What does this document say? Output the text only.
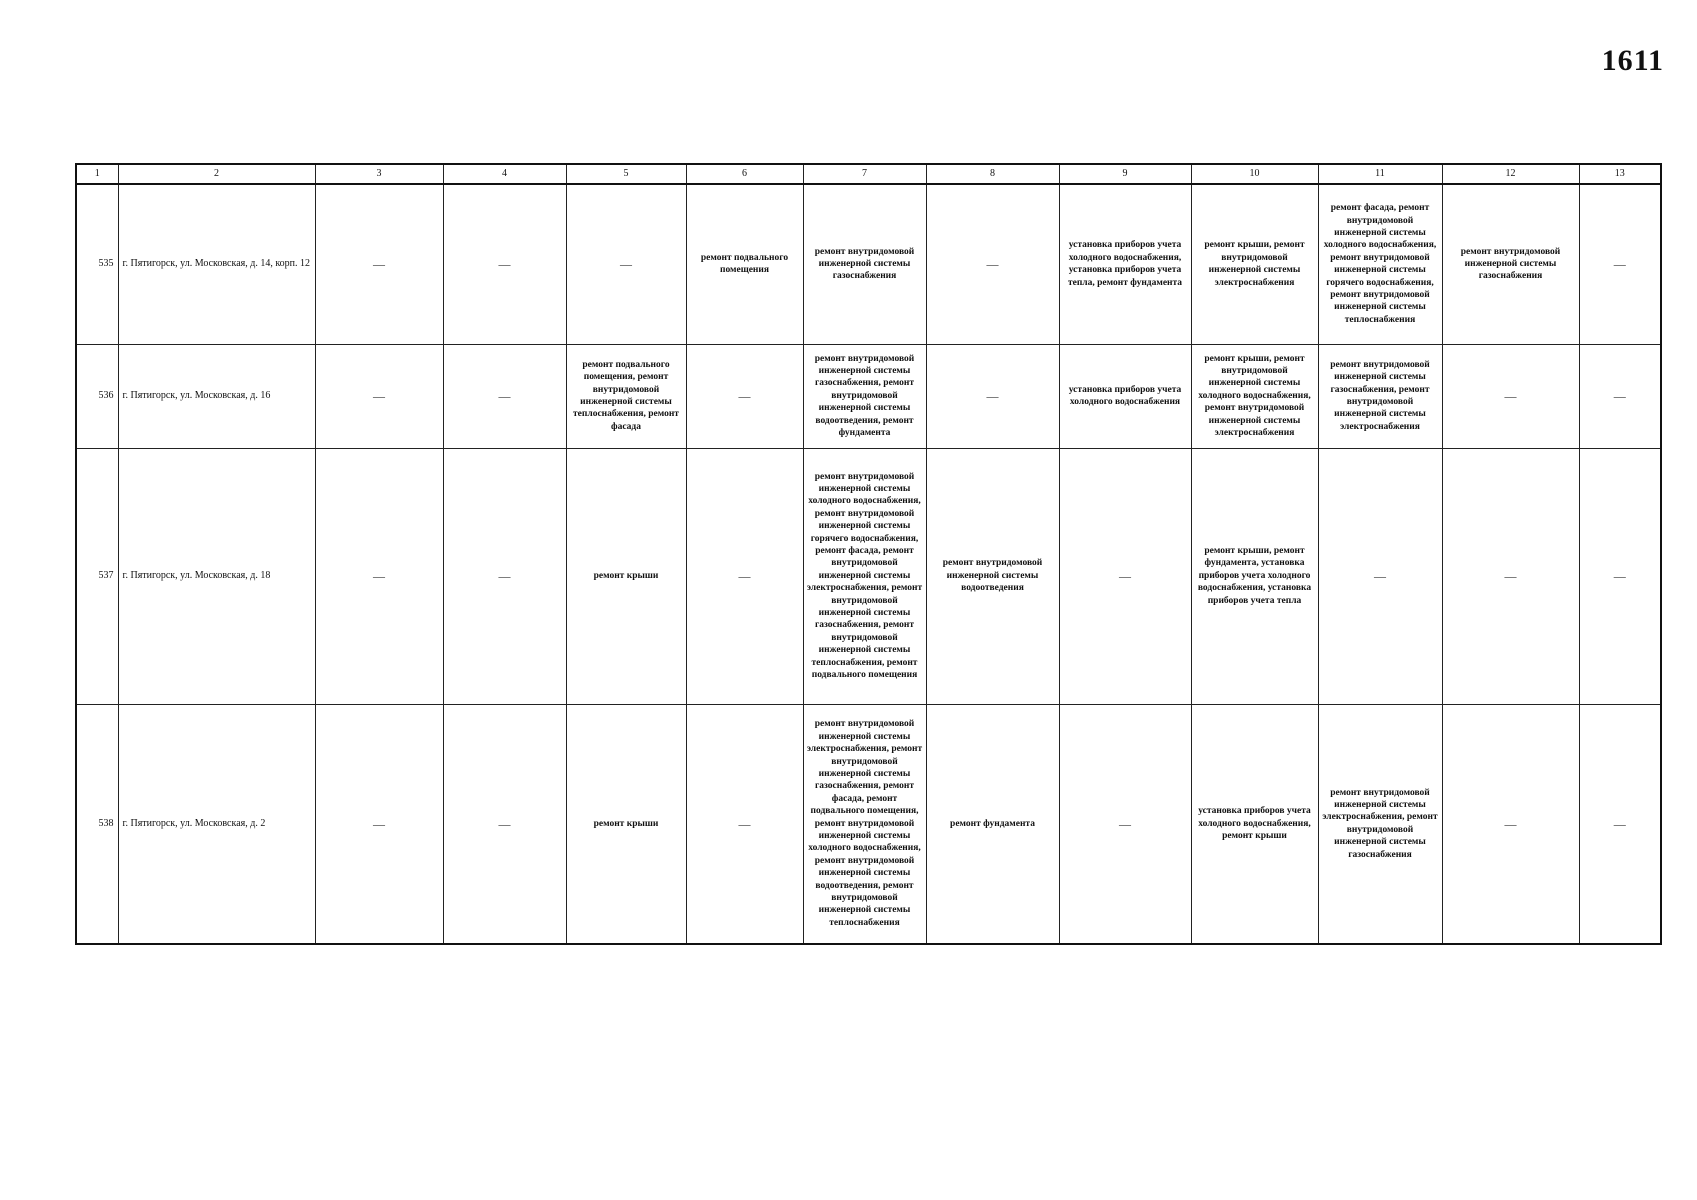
1611
1	2	3	4	5	6	7	8	9	10	11	12	13
535	г. Пятигорск, ул. Московская, д. 14, корп. 12	—	—	—	ремонт подвального помещения	ремонт внутридомовой инженерной системы газоснабжения	—	установка приборов учета холодного водоснабжения, установка приборов учета тепла, ремонт фундамента	ремонт крыши, ремонт внутридомовой инженерной системы электроснабжения	ремонт фасада, ремонт внутридомовой инженерной системы холодного водоснабжения, ремонт внутридомовой инженерной системы горячего водоснабжения, ремонт внутридомовой инженерной системы теплоснабжения	ремонт внутридомовой инженерной системы газоснабжения	—
536	г. Пятигорск, ул. Московская, д. 16	—	—	ремонт подвального помещения, ремонт внутридомовой инженерной системы теплоснабжения, ремонт фасада	—	ремонт внутридомовой инженерной системы газоснабжения, ремонт внутридомовой инженерной системы водоотведения, ремонт фундамента	—	установка приборов учета холодного водоснабжения	ремонт крыши, ремонт внутридомовой инженерной системы холодного водоснабжения, ремонт внутридомовой инженерной системы электроснабжения	ремонт внутридомовой инженерной системы газоснабжения, ремонт внутридомовой инженерной системы электроснабжения	—	—
537	г. Пятигорск, ул. Московская, д. 18	—	—	ремонт крыши	—	ремонт внутридомовой инженерной системы холодного водоснабжения, ремонт внутридомовой инженерной системы горячего водоснабжения, ремонт фасада, ремонт внутридомовой инженерной системы электроснабжения, ремонт внутридомовой инженерной системы газоснабжения, ремонт внутридомовой инженерной системы теплоснабжения, ремонт подвального помещения	ремонт внутридомовой инженерной системы водоотведения	—	ремонт крыши, ремонт фундамента, установка приборов учета холодного водоснабжения, установка приборов учета тепла	—	—	—
538	г. Пятигорск, ул. Московская, д. 2	—	—	ремонт крыши	—	ремонт внутридомовой инженерной системы электроснабжения, ремонт внутридомовой инженерной системы газоснабжения, ремонт фасада, ремонт подвального помещения, ремонт внутридомовой инженерной системы холодного водоснабжения, ремонт внутридомовой инженерной системы водоотведения, ремонт внутридомовой инженерной системы теплоснабжения	ремонт фундамента	—	установка приборов учета холодного водоснабжения, ремонт крыши	ремонт внутридомовой инженерной системы электроснабжения, ремонт внутридомовой инженерной системы газоснабжения	—	—
